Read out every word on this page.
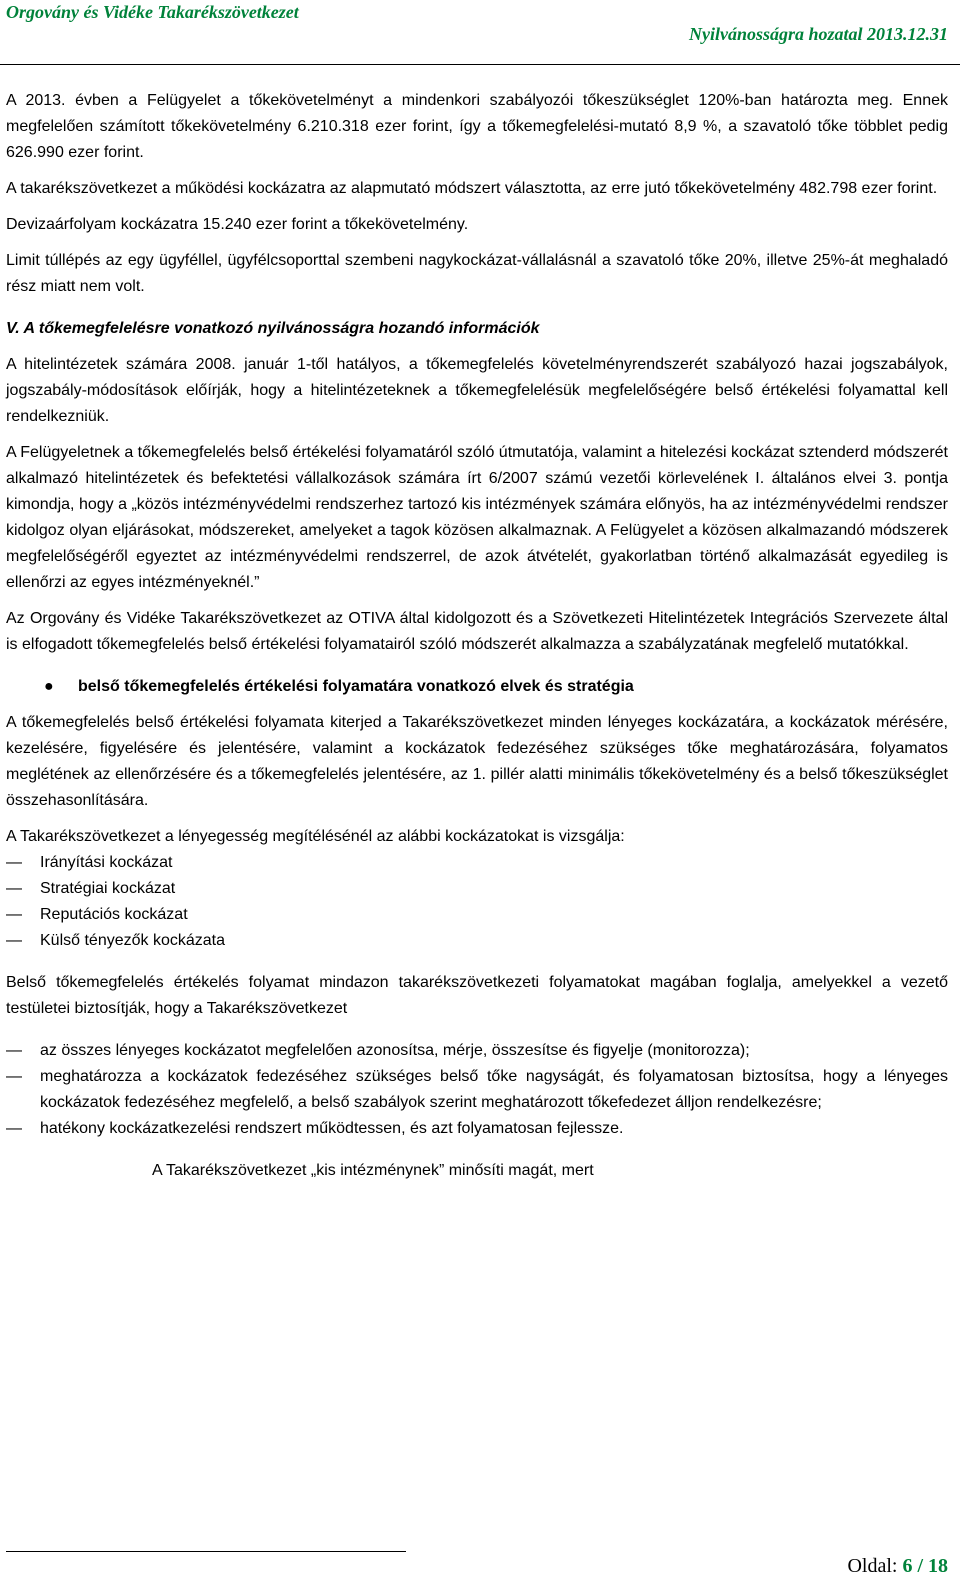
Orgovány és Vidéke Takarékszövetkezet
Nyilvánosságra hozatal 2013.12.31

A 2013. évben a Felügyelet a tőkekövetelményt a mindenkori szabályozói tőkeszükséglet 120%-ban határozta meg. Ennek megfelelően számított tőkekövetelmény 6.210.318 ezer forint, így a tőkemegfelelési-mutató 8,9 %, a szavatoló tőke többlet pedig 626.990 ezer forint.

A takarékszövetkezet a működési kockázatra az alapmutató módszert választotta, az erre jutó tőkekövetelmény 482.798 ezer forint.

Devizaárfolyam kockázatra 15.240 ezer forint a tőkekövetelmény.

Limit túllépés az egy ügyféllel, ügyfélcsoporttal szembeni nagykockázat-vállalásnál a szavatoló tőke 20%, illetve 25%-át meghaladó rész miatt nem volt.

V. A tőkemegfelelésre vonatkozó nyilvánosságra hozandó információk

A hitelintézetek számára 2008. január 1-től hatályos, a tőkemegfelelés követelményrendszerét szabályozó hazai jogszabályok, jogszabály-módosítások előírják, hogy a hitelintézeteknek a tőkemegfelelésük megfelelőségére belső értékelési folyamattal kell rendelkezniük.

A Felügyeletnek a tőkemegfelelés belső értékelési folyamatáról szóló útmutatója, valamint a hitelezési kockázat sztenderd módszerét alkalmazó hitelintézetek és befektetési vállalkozások számára írt 6/2007 számú vezetői körlevelének I. általános elvei 3. pontja kimondja, hogy a „közös intézményvédelmi rendszerhez tartozó kis intézmények számára előnyös, ha az intézményvédelmi rendszer kidolgoz olyan eljárásokat, módszereket, amelyeket a tagok közösen alkalmaznak. A Felügyelet a közösen alkalmazandó módszerek megfelelőségéről egyeztet az intézményvédelmi rendszerrel, de azok átvételét, gyakorlatban történő alkalmazását egyedileg is ellenőrzi az egyes intézményeknél.”

Az Orgovány és Vidéke Takarékszövetkezet az OTIVA által kidolgozott és a Szövetkezeti Hitelintézetek Integrációs Szervezete által is elfogadott tőkemegfelelés belső értékelési folyamatairól szóló módszerét alkalmazza a szabályzatának megfelelő mutatókkal.

●	belső tőkemegfelelés értékelési folyamatára vonatkozó elvek és stratégia

A tőkemegfelelés belső értékelési folyamata kiterjed a Takarékszövetkezet minden lényeges kockázatára, a kockázatok mérésére, kezelésére, figyelésére és jelentésére, valamint a kockázatok fedezéséhez szükséges tőke meghatározására, folyamatos meglétének az ellenőrzésére és a tőkemegfelelés jelentésére, az 1. pillér alatti minimális tőkekövetelmény és a belső tőkeszükséglet összehasonlítására.

A Takarékszövetkezet a lényegesség megítélésénél az alábbi kockázatokat is vizsgálja:

—	Irányítási kockázat
—	Stratégiai kockázat
—	Reputációs kockázat
—	Külső tényezők kockázata

Belső tőkemegfelelés értékelés folyamat mindazon takarékszövetkezeti folyamatokat magában foglalja, amelyekkel a vezető testületei biztosítják, hogy a Takarékszövetkezet

—	az összes lényeges kockázatot megfelelően azonosítsa, mérje, összesítse és figyelje (monitorozza);
—	meghatározza a kockázatok fedezéséhez szükséges belső tőke nagyságát, és folyamatosan biztosítsa, hogy a lényeges kockázatok fedezéséhez megfelelő, a belső szabályok szerint meghatározott tőkefedezet álljon rendelkezésre;
—	hatékony kockázatkezelési rendszert működtessen, és azt folyamatosan fejlessze.

A Takarékszövetkezet „kis intézménynek” minősíti magát, mert

Oldal: 6 / 18
